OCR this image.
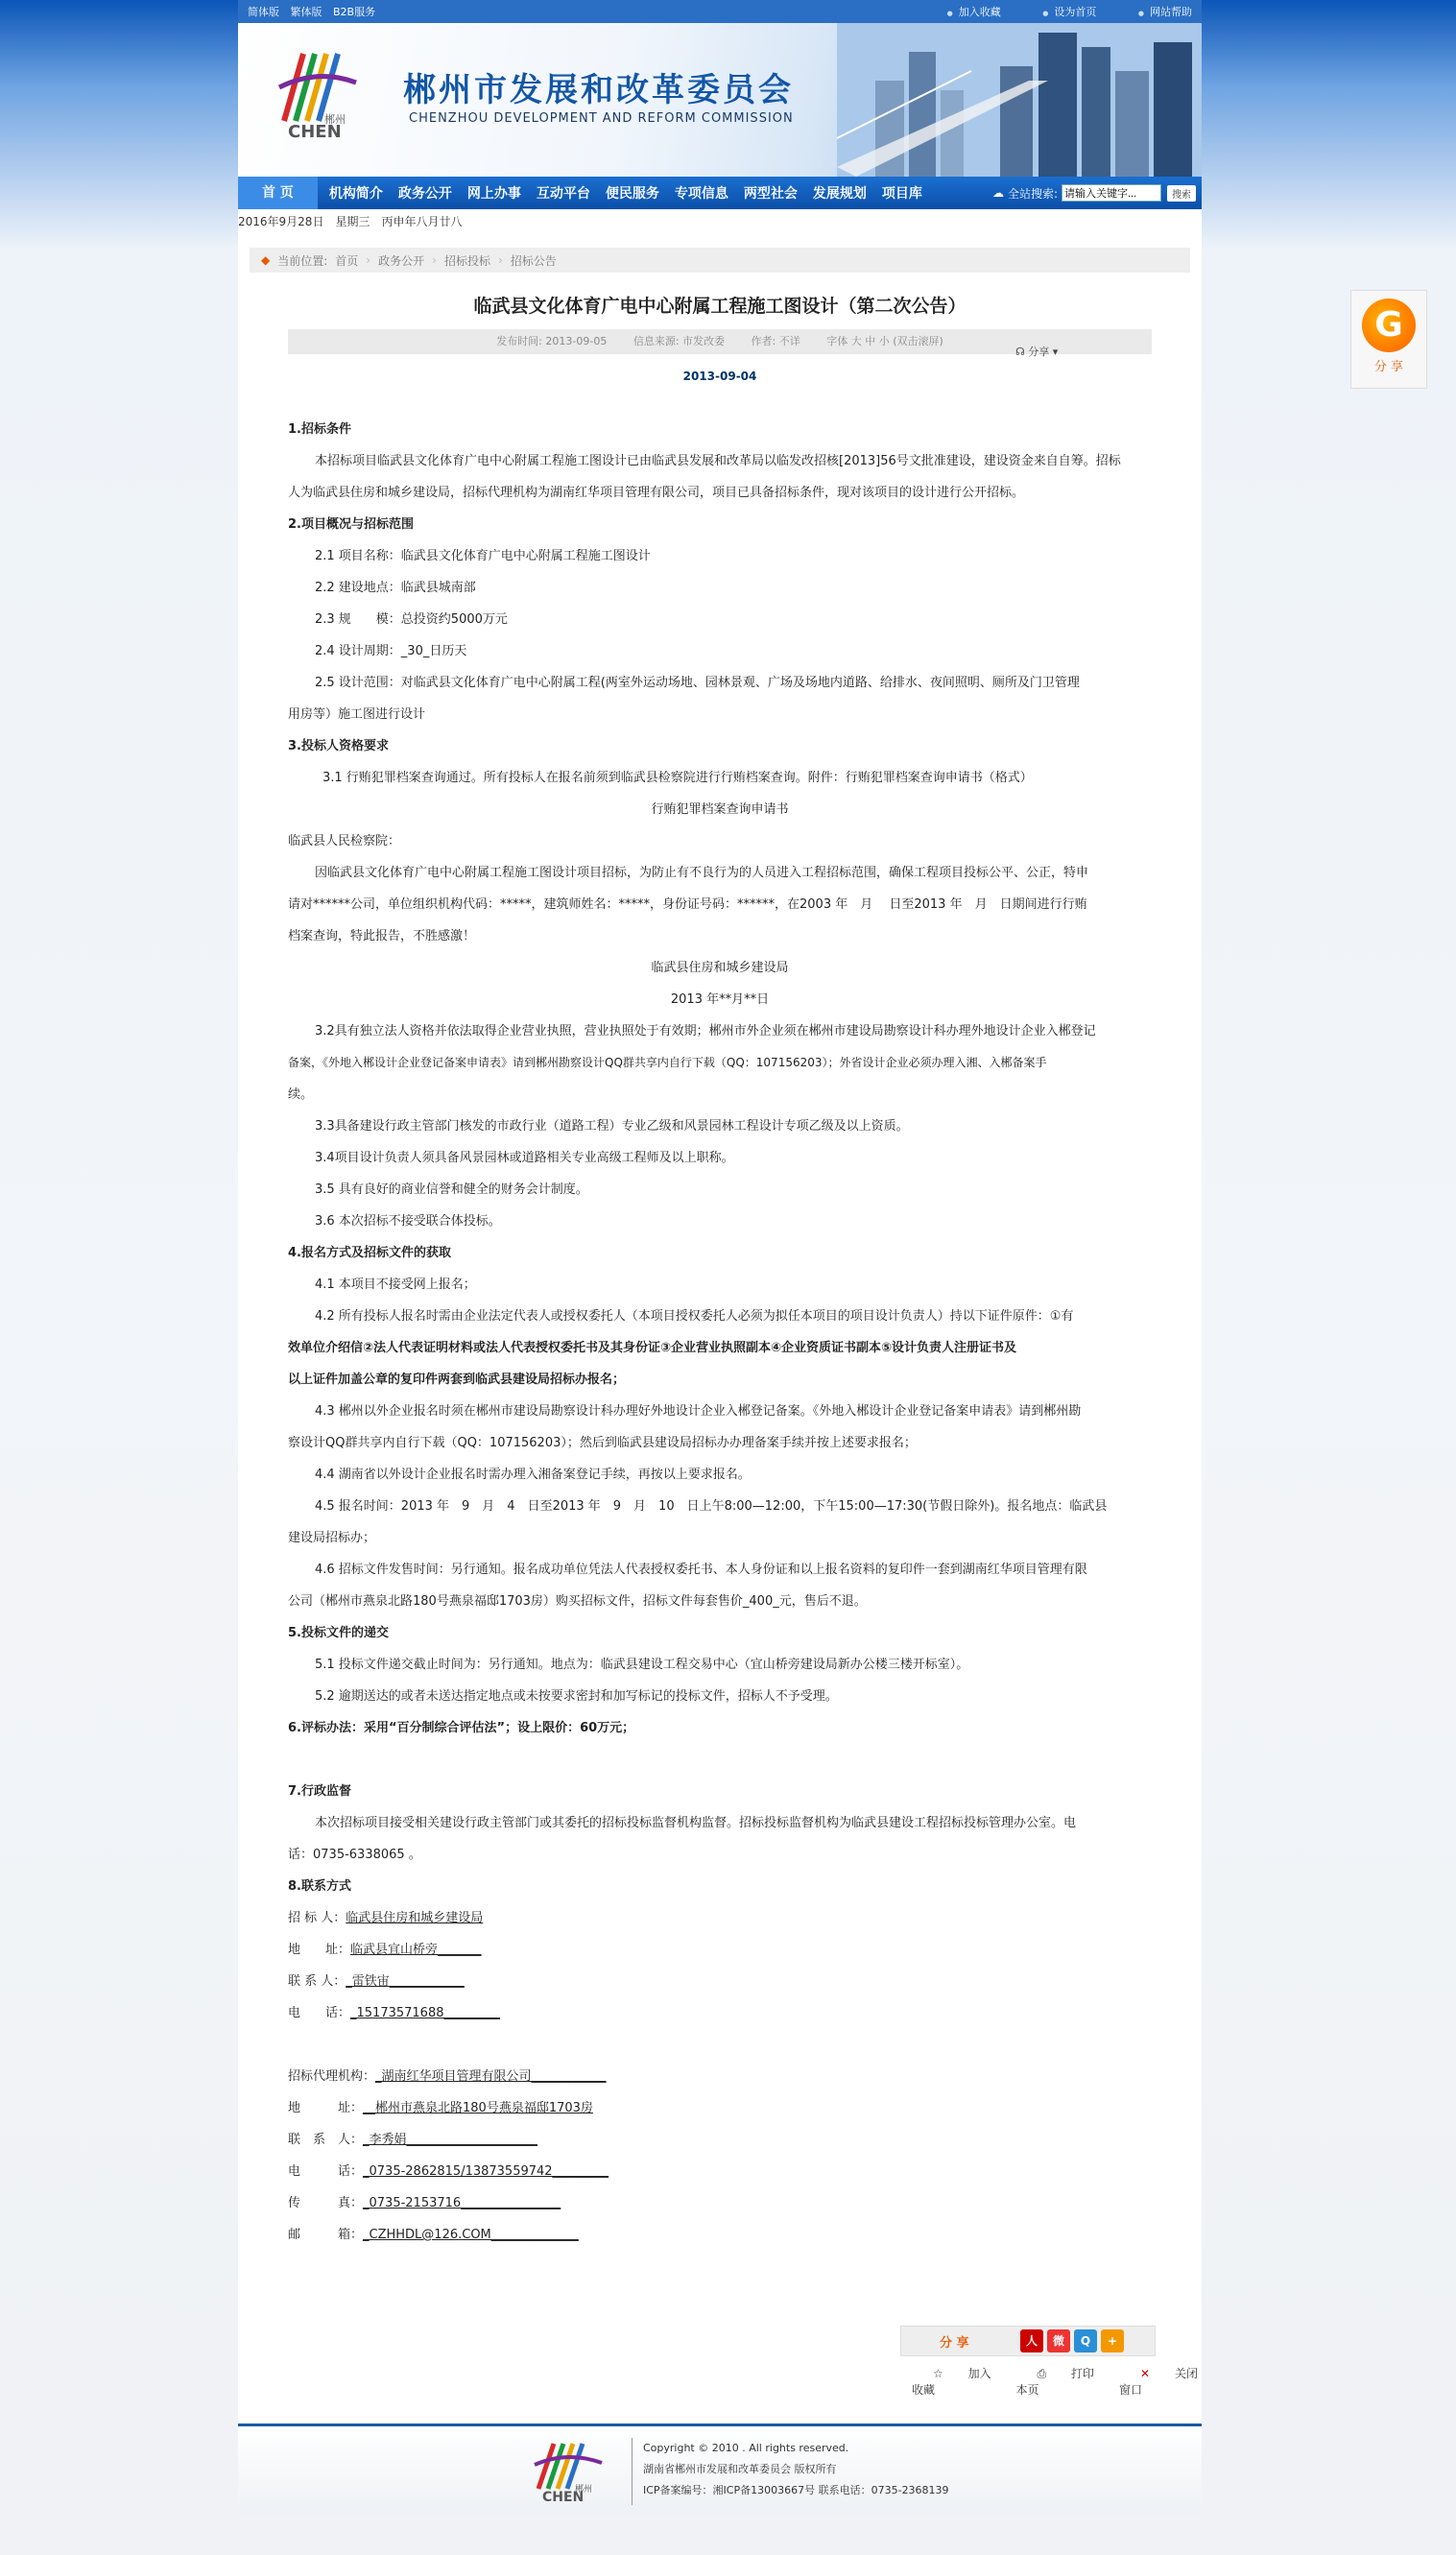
简体版 繁体版 B2B服务	● 加入收藏	● 设为首页	● 网站帮助
郴州
CHEN
郴州市发展和改革委员会
CHENZHOU DEVELOPMENT AND REFORM COMMISSION
首 页	机构简介	政务公开	网上办事	互动平台	便民服务	专项信息	两型社会	发展规划	项目库	☁ 全站搜索:
请输入关键字...	搜索
2016年9月28日　星期三　丙申年八月廿八
◆ 当前位置: 首页 › 政务公开 › 招标投标 › 招标公告
临武县文化体育广电中心附属工程施工图设计（第二次公告）
☊ 分享 ▾
发布时间: 2013-09-05	信息来源: 市发改委	作者: 不详	字体 大 中 小 (双击滚屏)
2013-09-04

1.招标条件

本招标项目临武县文化体育广电中心附属工程施工图设计已由临武县发展和改革局以临发改招核[2013]56号文批准建设，建设资金来自自筹。招标

人为临武县住房和城乡建设局，招标代理机构为湖南红华项目管理有限公司，项目已具备招标条件，现对该项目的设计进行公开招标。

2.项目概况与招标范围

2.1 项目名称：临武县文化体育广电中心附属工程施工图设计

2.2 建设地点：临武县城南部

2.3 规　　模：总投资约5000万元

2.4 设计周期：_30_日历天

2.5 设计范围：对临武县文化体育广电中心附属工程(两室外运动场地、园林景观、广场及场地内道路、给排水、夜间照明、厕所及门卫管理

用房等）施工图进行设计

3.投标人资格要求

3.1 行贿犯罪档案查询通过。所有投标人在报名前须到临武县检察院进行行贿档案查询。附件：行贿犯罪档案查询申请书（格式）

行贿犯罪档案查询申请书

临武县人民检察院：

因临武县文化体育广电中心附属工程施工图设计项目招标，为防止有不良行为的人员进入工程招标范围，确保工程项目投标公平、公正，特申

请对******公司，单位组织机构代码：*****，建筑师姓名：*****，身份证号码：******，在2003 年　月　 日至2013 年　月　日期间进行行贿

档案查询，特此报告，不胜感激！

临武县住房和城乡建设局

2013 年**月**日

3.2具有独立法人资格并依法取得企业营业执照，营业执照处于有效期；郴州市外企业须在郴州市建设局勘察设计科办理外地设计企业入郴登记

备案，《外地入郴设计企业登记备案申请表》请到郴州勘察设计QQ群共享内自行下载（QQ：107156203）；外省设计企业必须办理入湘、入郴备案手

续。

3.3具备建设行政主管部门核发的市政行业（道路工程）专业乙级和风景园林工程设计专项乙级及以上资质。

3.4项目设计负责人须具备风景园林或道路相关专业高级工程师及以上职称。

3.5 具有良好的商业信誉和健全的财务会计制度。

3.6 本次招标不接受联合体投标。

4.报名方式及招标文件的获取

4.1 本项目不接受网上报名；

4.2 所有投标人报名时需由企业法定代表人或授权委托人（本项目授权委托人必须为拟任本项目的项目设计负责人）持以下证件原件：①有

效单位介绍信②法人代表证明材料或法人代表授权委托书及其身份证③企业营业执照副本④企业资质证书副本⑤设计负责人注册证书及

以上证件加盖公章的复印件两套到临武县建设局招标办报名；

4.3 郴州以外企业报名时须在郴州市建设局勘察设计科办理好外地设计企业入郴登记备案。《外地入郴设计企业登记备案申请表》请到郴州勘

察设计QQ群共享内自行下载（QQ：107156203）；然后到临武县建设局招标办办理备案手续并按上述要求报名；

4.4 湖南省以外设计企业报名时需办理入湘备案登记手续，再按以上要求报名。

4.5 报名时间：2013 年　9　月　4　日至2013 年　9　月　10　日上午8:00—12:00，下午15:00—17:30(节假日除外)。报名地点：临武县

建设局招标办；

4.6 招标文件发售时间：另行通知。报名成功单位凭法人代表授权委托书、本人身份证和以上报名资料的复印件一套到湖南红华项目管理有限

公司（郴州市燕泉北路180号燕泉福邸1703房）购买招标文件，招标文件每套售价_400_元，售后不退。

5.投标文件的递交

5.1 投标文件递交截止时间为：另行通知。地点为：临武县建设工程交易中心（宜山桥旁建设局新办公楼三楼开标室）。

5.2 逾期送达的或者未送达指定地点或未按要求密封和加写标记的投标文件，招标人不予受理。

6.评标办法：采用“百分制综合评估法”；设上限价：60万元；

7.行政监督

本次招标项目接受相关建设行政主管部门或其委托的招标投标监督机构监督。招标投标监督机构为临武县建设工程招标投标管理办公室。电

话：0735-6338065 。

8.联系方式

招 标 人： 临武县住房和城乡建设局

地　　址： 临武县宜山桥旁_______

联 系 人： _雷铁宙____________

电　　话： _15173571688_________

招标代理机构： _湖南红华项目管理有限公司____________

地　　　址： __郴州市燕泉北路180号燕泉福邸1703房

联　系　人： _李秀娟_____________________

电　　　话： _0735-2862815/13873559742_________

传　　　真： _0735-2153716________________

邮　　　箱： _CZHHDL@126.COM______________

分 享	人	微	Q	+
☆ 加入收藏
⎙ 打印本页
✕ 关闭窗口
郴州
CHEN
Copyright © 2010 . All rights reserved.
湖南省郴州市发展和改革委员会 版权所有
ICP备案编号：湘ICP备13003667号 联系电话：0735-2368139
G
分 享
